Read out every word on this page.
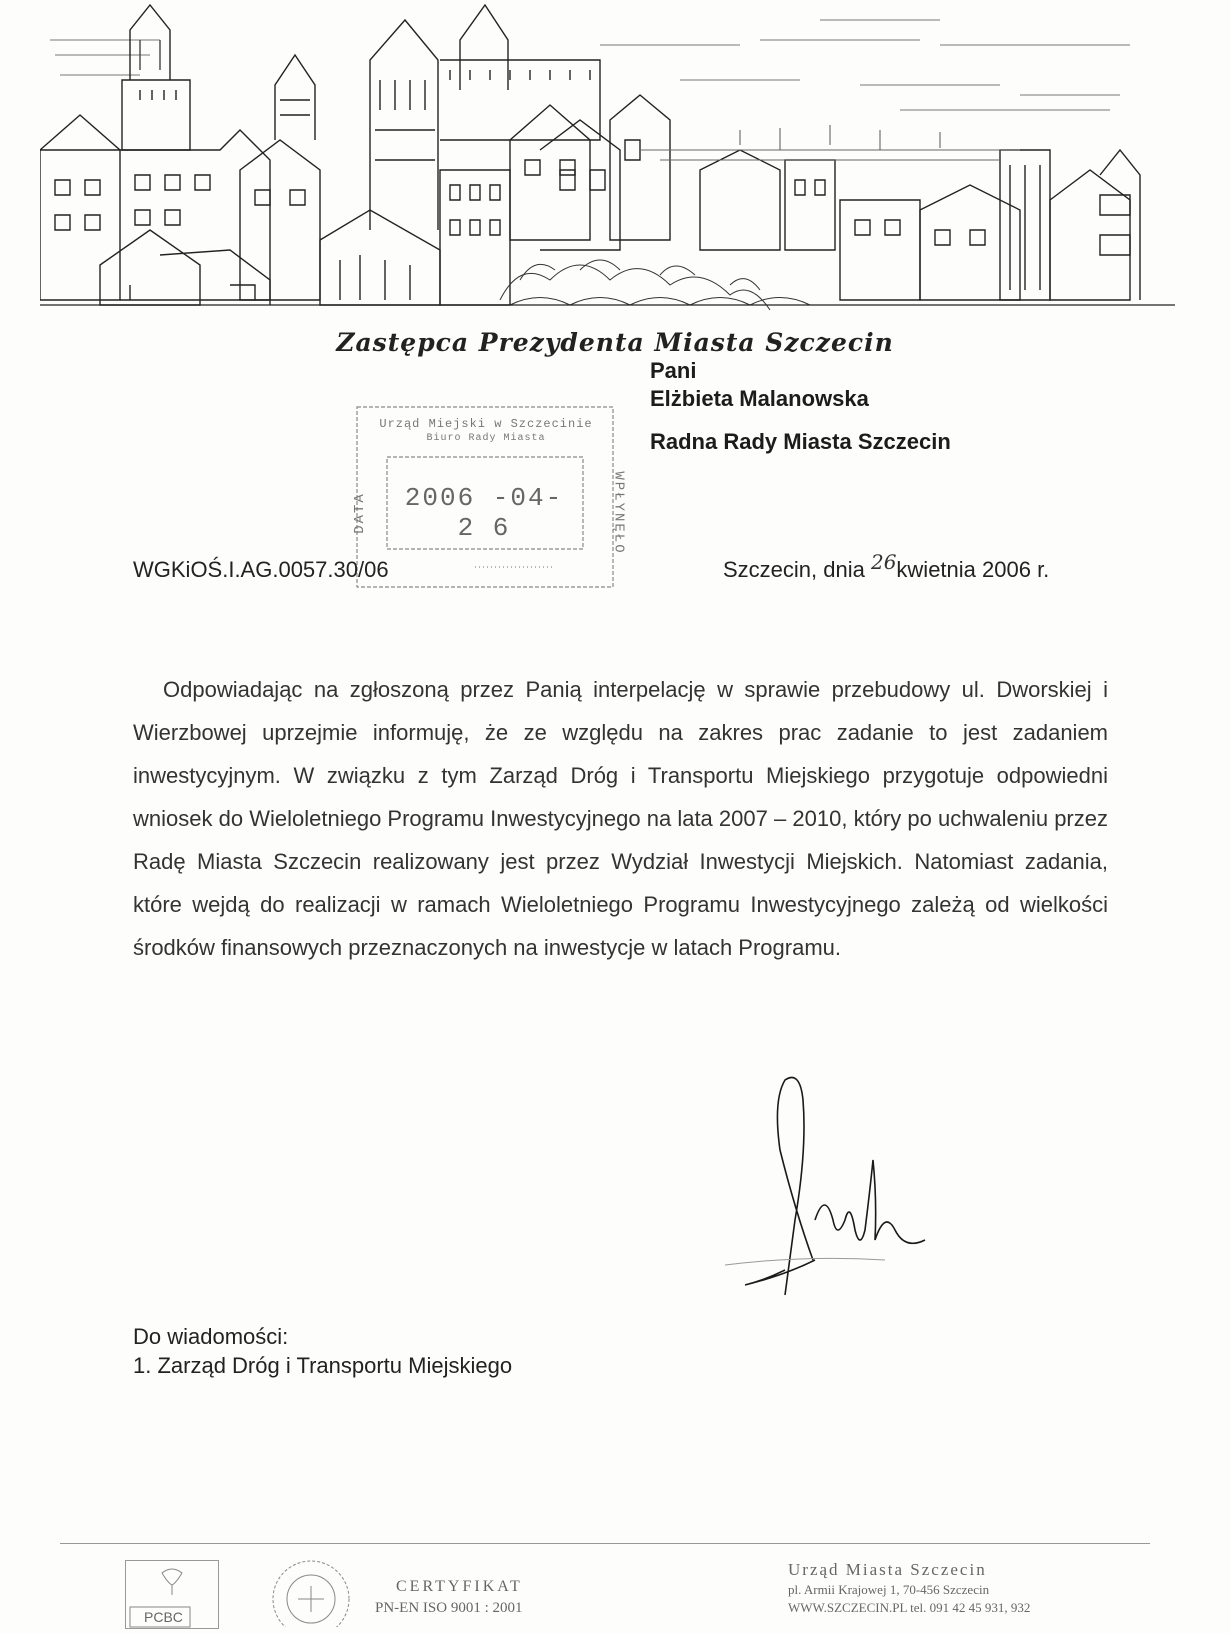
Zastępca Prezydenta Miasta Szczecin
Pani
Elżbieta Malanowska
Radna Rady Miasta Szczecin
Urząd Miejski w Szczecinie
Biuro Rady Miasta
2006 -04- 2 6
DATA	WPŁYNĘŁO
WGKiOŚ.I.AG.0057.30/06	Szczecin, dnia 26kwietnia 2006 r.

Odpowiadając na zgłoszoną przez Panią interpelację w sprawie przebudowy ul. Dworskiej i Wierzbowej uprzejmie informuję, że ze względu na zakres prac zadanie to jest zadaniem inwestycyjnym. W związku z tym Zarząd Dróg i Transportu Miejskiego przygotuje odpowiedni wniosek do Wieloletniego Programu Inwestycyjnego na lata 2007 – 2010, który po uchwaleniu przez Radę Miasta Szczecin realizowany jest przez Wydział Inwestycji Miejskich. Natomiast zadania, które wejdą do realizacji w ramach Wieloletniego Programu Inwestycyjnego zależą od wielkości środków finansowych przeznaczonych na inwestycje w latach Programu.

Do wiadomości:
1. Zarząd Dróg i Transportu Miejskiego
PCBC
CERTYFIKAT
PN-EN ISO 9001 : 2001
Urząd Miasta Szczecin
pl. Armii Krajowej 1, 70-456 Szczecin
WWW.SZCZECIN.PL tel. 091 42 45 931, 932
